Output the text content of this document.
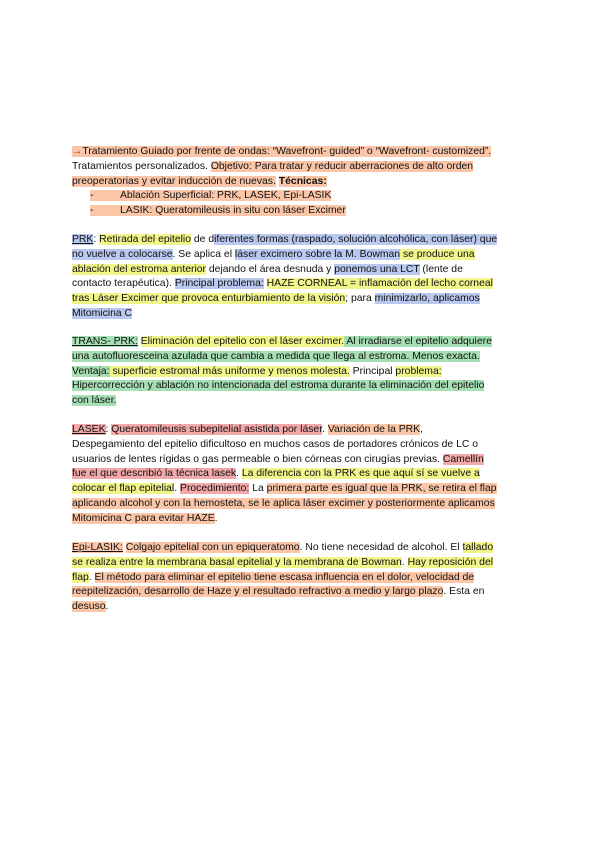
→Tratamiento Guiado por frente de ondas: “Wavefront- guided” o “Wavefront- customized”.
Tratamientos personalizados. Objetivo: Para tratar y reducir aberraciones de alto orden
preoperatorias y evitar inducción de nuevas. Técnicas:
-	Ablación Superficial: PRK, LASEK, Epi-LASIK
-	LASIK: Queratomileusis in situ con láser Excimer
PRK: Retirada del epitelio de diferentes formas (raspado, solución alcohólica, con láser) que
no vuelve a colocarse. Se aplica el láser excimero sobre la M. Bowman se produce una
ablación del estroma anterior dejando el área desnuda y ponemos una LCT (lente de
contacto terapéutica). Principal problema: HAZE CORNEAL = inflamación del lecho corneal
tras Láser Excimer que provoca enturbiamiento de la visión; para minimizarlo, aplicamos
Mitomicina C
TRANS- PRK: Eliminación del epitelio con el láser excimer. Al irradiarse el epitelio adquiere
una autofluoresceina azulada que cambia a medida que llega al estroma. Menos exacta.
Ventaja: superficie estromal más uniforme y menos molesta. Principal problema:
Hipercorrección y ablación no intencionada del estroma durante la eliminación del epitelio
con láser.
LASEK: Queratomileusis subepitelial asistida por láser. Variación de la PRK,
Despegamiento del epitelio dificultoso en muchos casos de portadores crónicos de LC o
usuarios de lentes rígidas o gas permeable o bien córneas con cirugías previas. Camellín
fue el que describió la técnica lasek. La diferencia con la PRK es que aquí sí se vuelve a
colocar el flap epitelial. Procedimiento: La primera parte es igual que la PRK, se retira el flap
aplicando alcohol y con la hemosteta, se le aplica láser excimer y posteriormente aplicamos
Mitomicina C para evitar HAZE.
Epi-LASIK: Colgajo epitelial con un epiqueratomo. No tiene necesidad de alcohol. El tallado
se realiza entre la membrana basal epitelial y la membrana de Bowman. Hay reposición del
flap. El método para eliminar el epitelio tiene escasa influencia en el dolor, velocidad de
reepitelización, desarrollo de Haze y el resultado refractivo a medio y largo plazo. Esta en
desuso.
